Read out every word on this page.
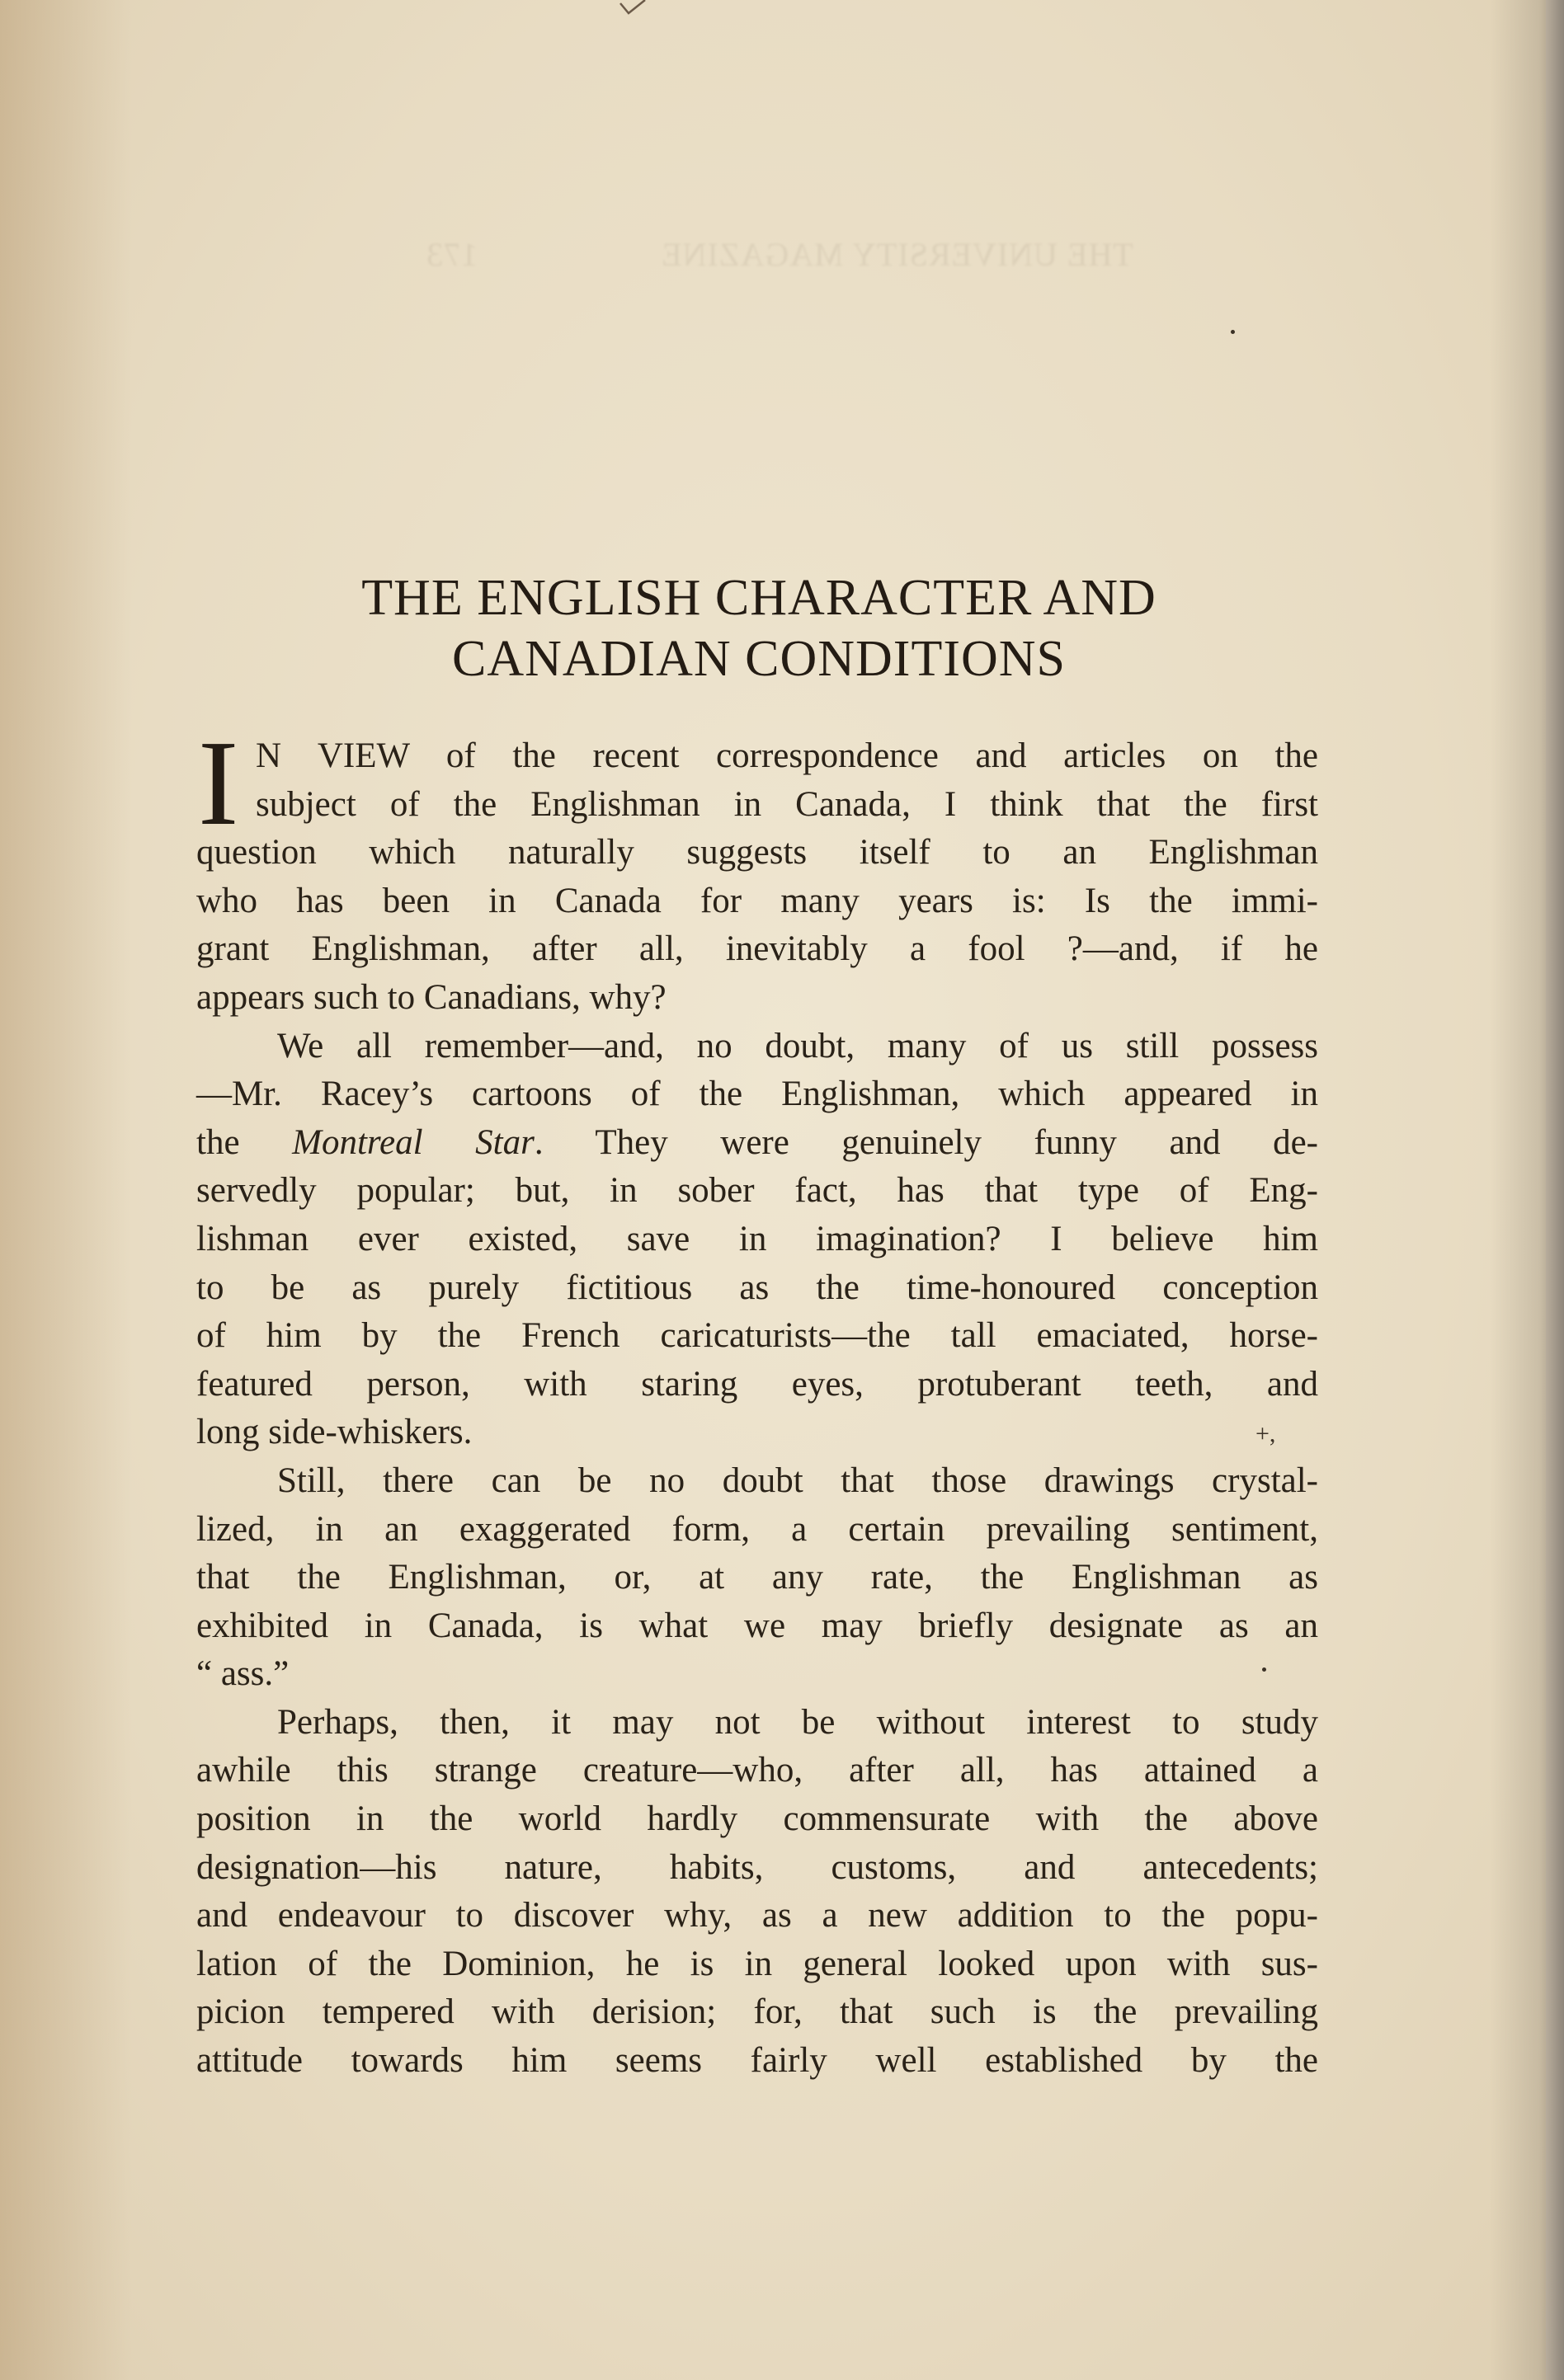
THE UNIVERSITY MAGAZINE  173
THE ENGLISH CHARACTER AND
CANADIAN CONDITIONS
I N VIEW of the recent correspondence and articles on the
subject of the Englishman in Canada, I think that the first
question which naturally suggests itself to an Englishman
who has been in Canada for many years is: Is the immi-
grant Englishman, after all, inevitably a fool ?—and, if he
appears such to Canadians, why?
We all remember—and, no doubt, many of us still possess
—Mr. Racey’s cartoons of the Englishman, which appeared in
the Montreal Star. They were genuinely funny and de-
servedly popular; but, in sober fact, has that type of Eng-
lishman ever existed, save in imagination? I believe him
to be as purely fictitious as the time-honoured conception
of him by the French caricaturists—the tall emaciated, horse-
featured person, with staring eyes, protuberant teeth, and
long side-whiskers.
Still, there can be no doubt that those drawings crystal-
lized, in an exaggerated form, a certain prevailing sentiment,
that the Englishman, or, at any rate, the Englishman as
exhibited in Canada, is what we may briefly designate as an
“ ass.”
Perhaps, then, it may not be without interest to study
awhile this strange creature—who, after all, has attained a
position in the world hardly commensurate with the above
designation—his nature, habits, customs, and antecedents;
and endeavour to discover why, as a new addition to the popu-
lation of the Dominion, he is in general looked upon with sus-
picion tempered with derision; for, that such is the prevailing
attitude towards him seems fairly well established by the
+,
